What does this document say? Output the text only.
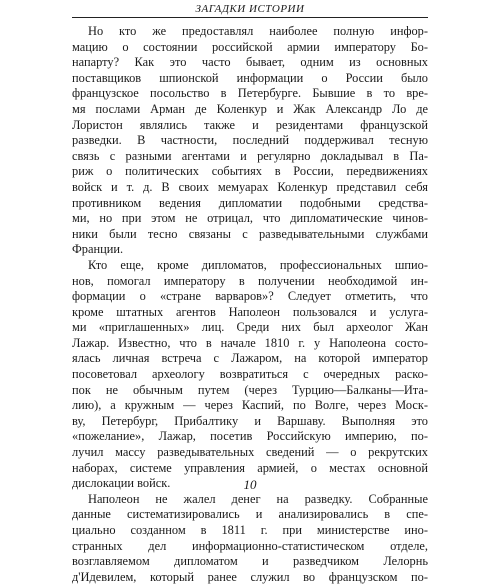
ЗАГАДКИ ИСТОРИИ
Но кто же предоставлял наиболее полную инфор-
мацию о состоянии российской армии императору Бо-
напарту? Как это часто бывает, одним из основных
поставщиков шпионской информации о России было
французское посольство в Петербурге. Бывшие в то вре-
мя послами Арман де Коленкур и Жак Александр Ло де
Лористон являлись также и резидентами французской
разведки. В частности, последний поддерживал тесную
связь с разными агентами и регулярно докладывал в Па-
риж о политических событиях в России, передвижениях
войск и т. д. В своих мемуарах Коленкур представил себя
противником ведения дипломатии подобными средства-
ми, но при этом не отрицал, что дипломатические чинов-
ники были тесно связаны с разведывательными службами
Франции.
Кто еще, кроме дипломатов, профессиональных шпио-
нов, помогал императору в получении необходимой ин-
формации о «стране варваров»? Следует отметить, что
кроме штатных агентов Наполеон пользовался и услуга-
ми «приглашенных» лиц. Среди них был археолог Жан
Лажар. Известно, что в начале 1810 г. у Наполеона состо-
ялась личная встреча с Лажаром, на которой император
посоветовал археологу возвратиться с очередных раско-
пок не обычным путем (через Турцию—Балканы—Ита-
лию), а кружным — через Каспий, по Волге, через Моск-
ву, Петербург, Прибалтику и Варшаву. Выполняя это
«пожелание», Лажар, посетив Российскую империю, по-
лучил массу разведывательных сведений — о рекрутских
наборах, системе управления армией, о местах основной
дислокации войск.
Наполеон не жалел денег на разведку. Собранные
данные систематизировались и анализировались в спе-
циально созданном в 1811 г. при министерстве ино-
странных дел информационно-статистическом отделе,
возглавляемом дипломатом и разведчиком Лелорнь
д'Идевилем, который ранее служил во французском по-
10
